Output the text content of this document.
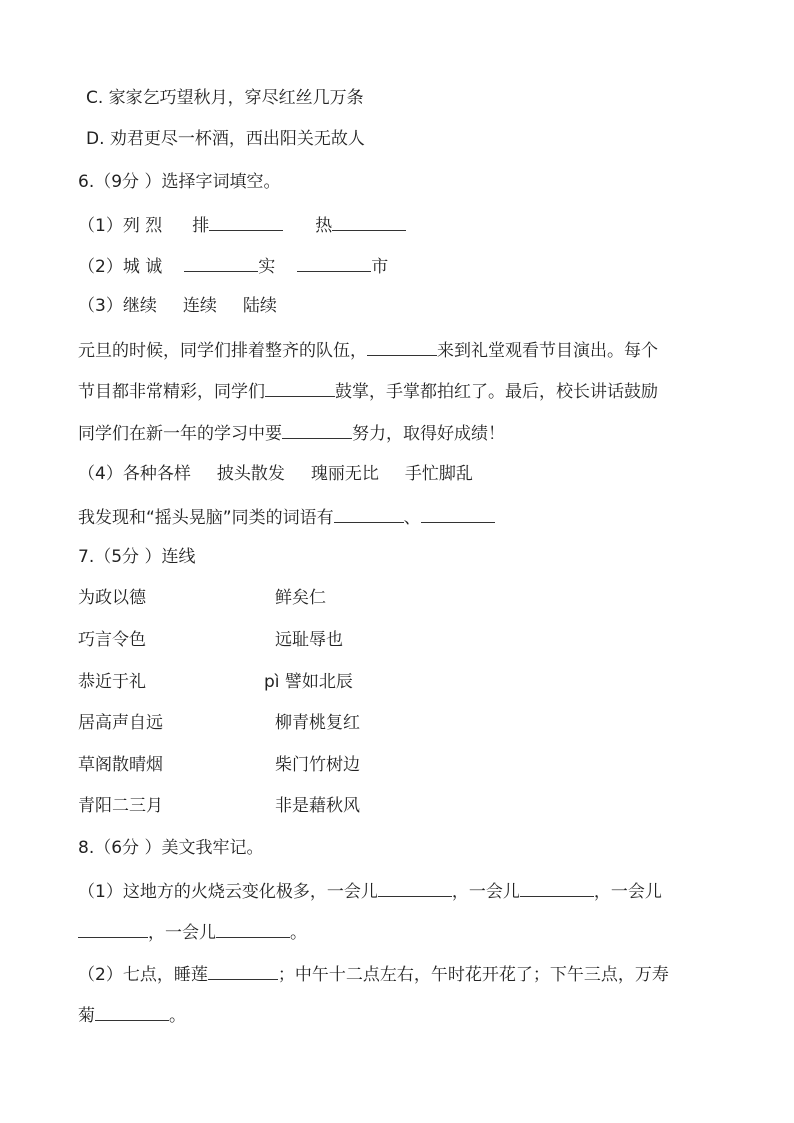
C. 家家乞巧望秋月，穿尽红丝几万条
D. 劝君更尽一杯酒，西出阳关无故人
6.（9分 ）选择字词填空。
（1）列 烈 排	热
（2）城 诚	实	市
（3）继续 连续 陆续
元旦的时候，同学们排着整齐的队伍，	来到礼堂观看节目演出。每个
节目都非常精彩，同学们	鼓掌，手掌都拍红了。最后，校长讲话鼓励
同学们在新一年的学习中要	努力，取得好成绩！
（4）各种各样 披头散发 瑰丽无比 手忙脚乱
我发现和“摇头晃脑”同类的词语有	、
7.（5分 ）连线
为政以德	鲜矣仁
巧言令色	远耻辱也
恭近于礼	pì 譬如北辰
居高声自远	柳青桃复红
草阁散晴烟	柴门竹树边
青阳二三月	非是藉秋风
8.（6分 ）美文我牢记。
（1）这地方的火烧云变化极多，一会儿	，一会儿	，一会儿
，一会儿	。
（2）七点，睡莲	；中午十二点左右，午时花开花了；下午三点，万寿
菊	。
